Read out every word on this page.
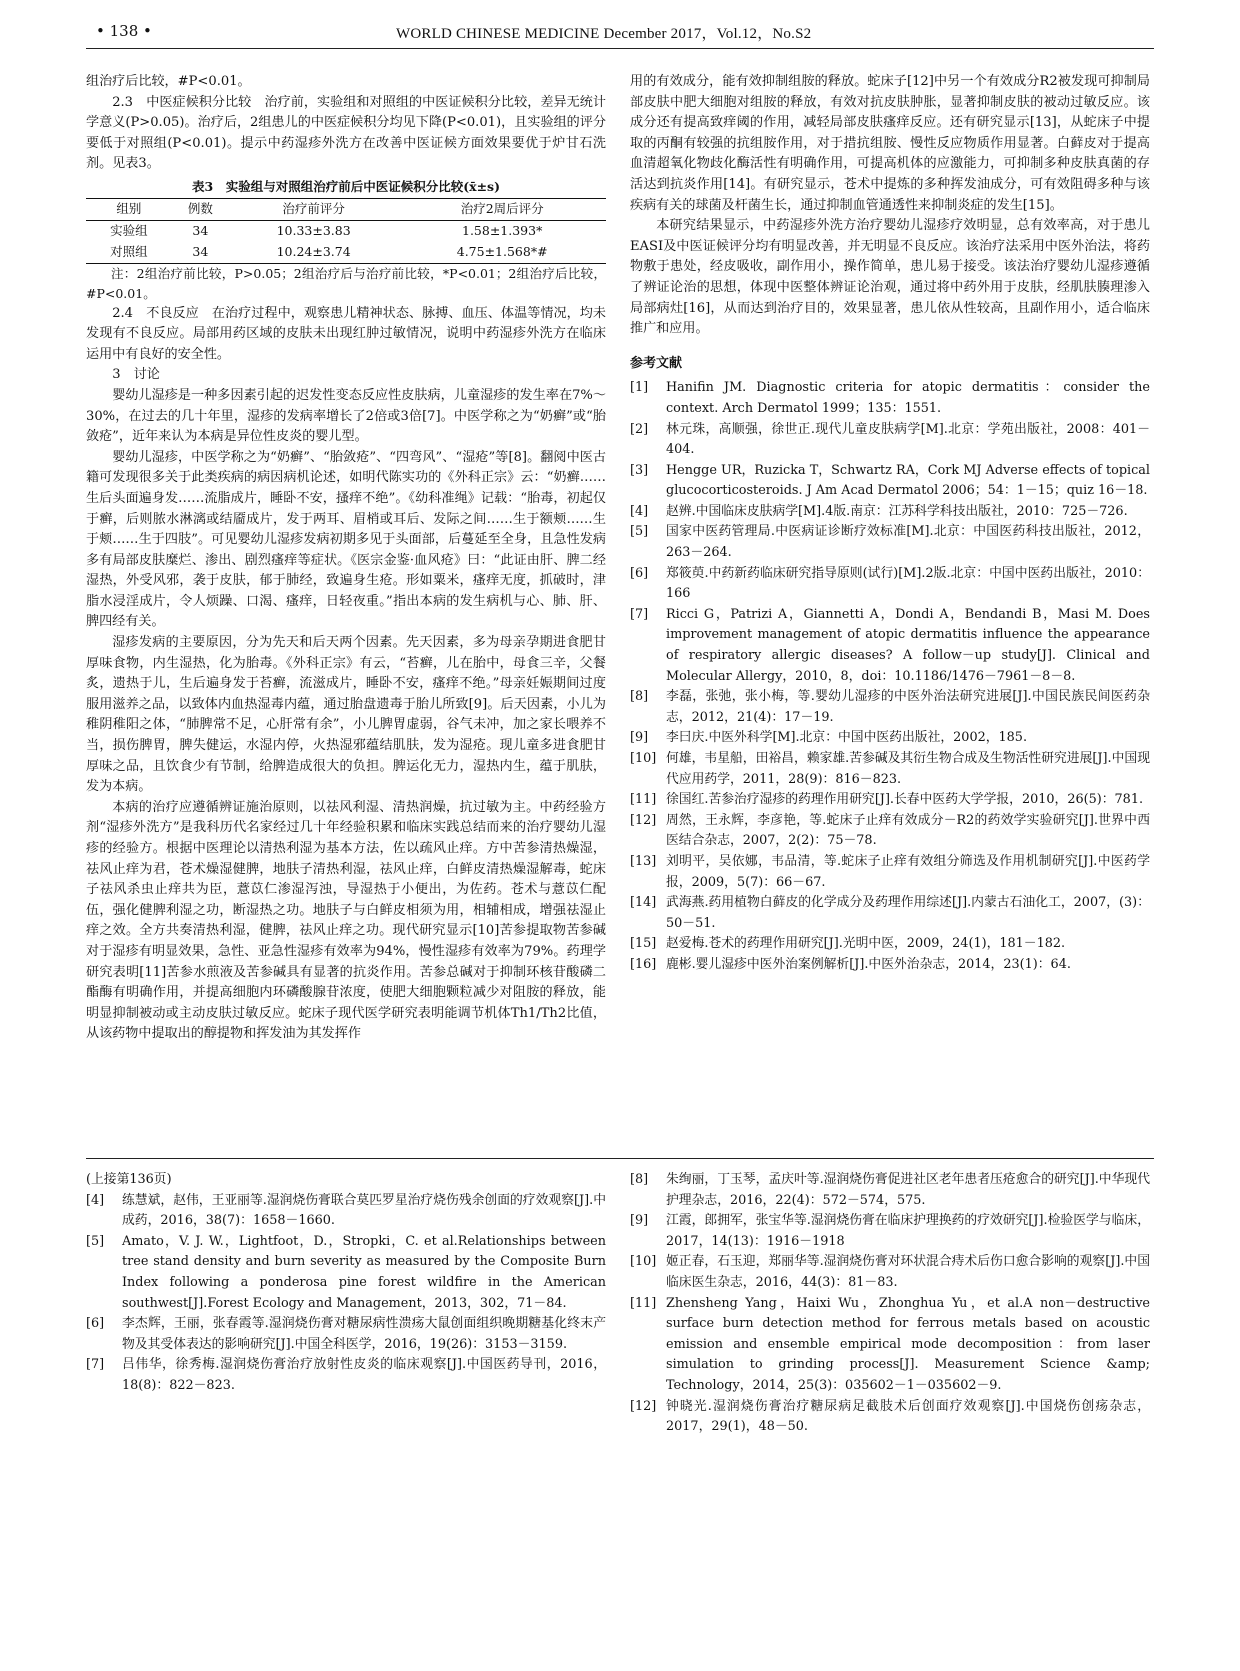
• 138 •	WORLD CHINESE MEDICINE December 2017，Vol.12，No.S2

组治疗后比较，#P<0.01。

2.3　中医症候积分比较　治疗前，实验组和对照组的中医证候积分比较，差异无统计学意义(P>0.05)。治疗后，2组患儿的中医症候积分均见下降(P<0.01)，且实验组的评分要低于对照组(P<0.01)。提示中药湿疹外洗方在改善中医证候方面效果要优于炉甘石洗剂。见表3。

表3　实验组与对照组治疗前后中医证候积分比较(x̄±s)
组别	例数	治疗前评分	治疗2周后评分
实验组	34	10.33±3.83	1.58±1.393*
对照组	34	10.24±3.74	4.75±1.568*#

注：2组治疗前比较，P>0.05；2组治疗后与治疗前比较，*P<0.01；2组治疗后比较，#P<0.01。

2.4　不良反应　在治疗过程中，观察患儿精神状态、脉搏、血压、体温等情况，均未发现有不良反应。局部用药区域的皮肤未出现红肿过敏情况，说明中药湿疹外洗方在临床运用中有良好的安全性。

3　讨论

婴幼儿湿疹是一种多因素引起的迟发性变态反应性皮肤病，儿童湿疹的发生率在7%～30%，在过去的几十年里，湿疹的发病率增长了2倍或3倍[7]。中医学称之为“奶癣”或“胎敛疮”，近年来认为本病是异位性皮炎的婴儿型。

婴幼儿湿疹，中医学称之为“奶癣”、“胎敛疮”、“四弯风”、“湿疮”等[8]。翻阅中医古籍可发现很多关于此类疾病的病因病机论述，如明代陈实功的《外科正宗》云：“奶癣……生后头面遍身发……流脂成片，睡卧不安，搔痒不绝”。《幼科准绳》记载：“胎毒，初起仅于癣，后则脓水淋漓或结靥成片，发于两耳、眉梢或耳后、发际之间……生于额颊……生于颊……生于四肢”。可见婴幼儿湿疹发病初期多见于头面部，后蔓延至全身，且急性发病多有局部皮肤糜烂、渗出、剧烈瘙痒等症状。《医宗金鉴·血风疮》曰：“此证由肝、脾二经湿热，外受风邪，袭于皮肤，郁于肺经，致遍身生疮。形如粟米，瘙痒无度，抓破时，津脂水浸淫成片，令人烦躁、口渴、瘙痒，日轻夜重。”指出本病的发生病机与心、肺、肝、脾四经有关。

湿疹发病的主要原因，分为先天和后天两个因素。先天因素，多为母亲孕期进食肥甘厚味食物，内生湿热，化为胎毒。《外科正宗》有云，“苔癣，儿在胎中，母食三辛，父餐炙，遗热于儿，生后遍身发于苔癣，流滋成片，睡卧不安，瘙痒不绝。”母亲妊娠期间过度服用滋养之品，以致体内血热湿毒内蕴，通过胎盘遗毒于胎儿所致[9]。后天因素，小儿为稚阴稚阳之体，“肺脾常不足，心肝常有余”，小儿脾胃虚弱，谷气未冲，加之家长喂养不当，损伤脾胃，脾失健运，水湿内停，火热湿邪蕴结肌肤，发为湿疮。现儿童多进食肥甘厚味之品，且饮食少有节制，给脾造成很大的负担。脾运化无力，湿热内生，蕴于肌肤，发为本病。

本病的治疗应遵循辨证施治原则，以祛风利湿、清热润燥，抗过敏为主。中药经验方剂“湿疹外洗方”是我科历代名家经过几十年经验积累和临床实践总结而来的治疗婴幼儿湿疹的经验方。根据中医理论以清热利湿为基本方法，佐以疏风止痒。方中苦参清热燥湿，祛风止痒为君，苍术燥湿健脾，地肤子清热利湿，祛风止痒，白鲜皮清热燥湿解毒，蛇床子祛风杀虫止痒共为臣，薏苡仁渗湿泻浊，导湿热于小便出，为佐药。苍术与薏苡仁配伍，强化健脾利湿之功，断湿热之功。地肤子与白鲜皮相须为用，相辅相成，增强祛湿止痒之效。全方共奏清热利湿，健脾，祛风止痒之功。现代研究显示[10]苦参提取物苦参碱对于湿疹有明显效果，急性、亚急性湿疹有效率为94%，慢性湿疹有效率为79%。药理学研究表明[11]苦参水煎液及苦参碱具有显著的抗炎作用。苦参总碱对于抑制环核苷酸磷二酯酶有明确作用，并提高细胞内环磷酸腺苷浓度，使肥大细胞颗粒减少对阻胺的释放，能明显抑制被动或主动皮肤过敏反应。蛇床子现代医学研究表明能调节机体Th1/Th2比值，从该药物中提取出的醇提物和挥发油为其发挥作

用的有效成分，能有效抑制组胺的释放。蛇床子[12]中另一个有效成分R2被发现可抑制局部皮肤中肥大细胞对组胺的释放，有效对抗皮肤肿胀，显著抑制皮肤的被动过敏反应。该成分还有提高致痒阈的作用，减轻局部皮肤瘙痒反应。还有研究显示[13]，从蛇床子中提取的丙酮有较强的抗组胺作用，对于措抗组胺、慢性反应物质作用显著。白藓皮对于提高血清超氧化物歧化酶活性有明确作用，可提高机体的应激能力，可抑制多种皮肤真菌的存活达到抗炎作用[14]。有研究显示，苍术中提炼的多种挥发油成分，可有效阻碍多种与该疾病有关的球菌及杆菌生长，通过抑制血管通透性来抑制炎症的发生[15]。

本研究结果显示，中药湿疹外洗方治疗婴幼儿湿疹疗效明显，总有效率高，对于患儿EASI及中医证候评分均有明显改善，并无明显不良反应。该治疗法采用中医外治法，将药物敷于患处，经皮吸收，副作用小，操作简单，患儿易于接受。该法治疗婴幼儿湿疹遵循了辨证论治的思想，体现中医整体辨证论治观，通过将中药外用于皮肤，经肌肤腠理渗入局部病灶[16]，从而达到治疗目的，效果显著，患儿依从性较高，且副作用小，适合临床推广和应用。

参考文献
[1]	Hanifin JM. Diagnostic criteria for atopic dermatitis：consider the context. Arch Dermatol 1999；135：1551.
[2]	林元珠，高顺强，徐世正.现代儿童皮肤病学[M].北京：学苑出版社，2008：401－404.
[3]	Hengge UR，Ruzicka T，Schwartz RA，Cork MJ Adverse effects of topical glucocorticosteroids. J Am Acad Dermatol 2006；54：1－15；quiz 16－18.
[4]	赵辨.中国临床皮肤病学[M].4版.南京：江苏科学科技出版社，2010：725－726.
[5]	国家中医药管理局.中医病证诊断疗效标准[M].北京：中国医药科技出版社，2012，263－264.
[6]	郑筱萸.中药新药临床研究指导原则(试行)[M].2版.北京：中国中医药出版社，2010：166
[7]	Ricci G，Patrizi A，Giannetti A，Dondi A，Bendandi B，Masi M. Does improvement management of atopic dermatitis influence the appearance of respiratory allergic diseases? A follow－up study[J]. Clinical and Molecular Allergy，2010，8，doi：10.1186/1476－7961－8－8.
[8]	李磊，张弛，张小梅，等.婴幼儿湿疹的中医外治法研究进展[J].中国民族民间医药杂志，2012，21(4)：17－19.
[9]	李曰庆.中医外科学[M].北京：中国中医药出版社，2002，185.
[10] 何雄，韦星船，田裕昌，赖家雄.苦参碱及其衍生物合成及生物活性研究进展[J].中国现代应用药学，2011，28(9)：816－823.
[11] 徐国红.苦参治疗湿疹的药理作用研究[J].长春中医药大学学报，2010，26(5)：781.
[12] 周然，王永辉，李彦艳，等.蛇床子止痒有效成分－R2的药效学实验研究[J].世界中西医结合杂志，2007，2(2)：75－78.
[13] 刘明平，吴依娜，韦品清，等.蛇床子止痒有效组分筛选及作用机制研究[J].中医药学报，2009，5(7)：66－67.
[14] 武海燕.药用植物白藓皮的化学成分及药理作用综述[J].内蒙古石油化工，2007，(3)：50－51.
[15] 赵爱梅.苍术的药理作用研究[J].光明中医，2009，24(1)，181－182.
[16] 鹿彬.婴儿湿疹中医外治案例解析[J].中医外治杂志，2014，23(1)：64.
(上接第136页)
[4]	练慧斌，赵伟，王亚丽等.湿润烧伤膏联合莫匹罗星治疗烧伤残余创面的疗效观察[J].中成药，2016，38(7)：1658－1660.
[5]	Amato，V. J. W.，Lightfoot，D.，Stropki，C. et al.Relationships between tree stand density and burn severity as measured by the Composite Burn Index following a ponderosa pine forest wildfire in the American southwest[J].Forest Ecology and Management，2013，302，71－84.
[6]	李杰辉，王丽，张春霞等.湿润烧伤膏对糖尿病性溃疡大鼠创面组织晚期糖基化终末产物及其受体表达的影响研究[J].中国全科医学，2016，19(26)：3153－3159.
[7]	吕伟华，徐秀梅.湿润烧伤膏治疗放射性皮炎的临床观察[J].中国医药导刊，2016，18(8)：822－823.
[8]	朱绚丽，丁玉琴，孟庆叶等.湿润烧伤膏促进社区老年患者压疮愈合的研究[J].中华现代护理杂志，2016，22(4)：572－574，575.
[9]	江霞，郎拥军，张宝华等.湿润烧伤膏在临床护理换药的疗效研究[J].检验医学与临床，2017，14(13)：1916－1918
[10] 姬正春，石玉迎，郑丽华等.湿润烧伤膏对环状混合痔术后伤口愈合影响的观察[J].中国临床医生杂志，2016，44(3)：81－83.
[11] Zhensheng Yang，Haixi Wu，Zhonghua Yu，et al.A non－destructive surface burn detection method for ferrous metals based on acoustic emission and ensemble empirical mode decomposition：from laser simulation to grinding process[J]. Measurement Science &amp; Technology，2014，25(3)：035602－1－035602－9.
[12] 钟晓光.湿润烧伤膏治疗糖尿病足截肢术后创面疗效观察[J].中国烧伤创疡杂志，2017，29(1)，48－50.
